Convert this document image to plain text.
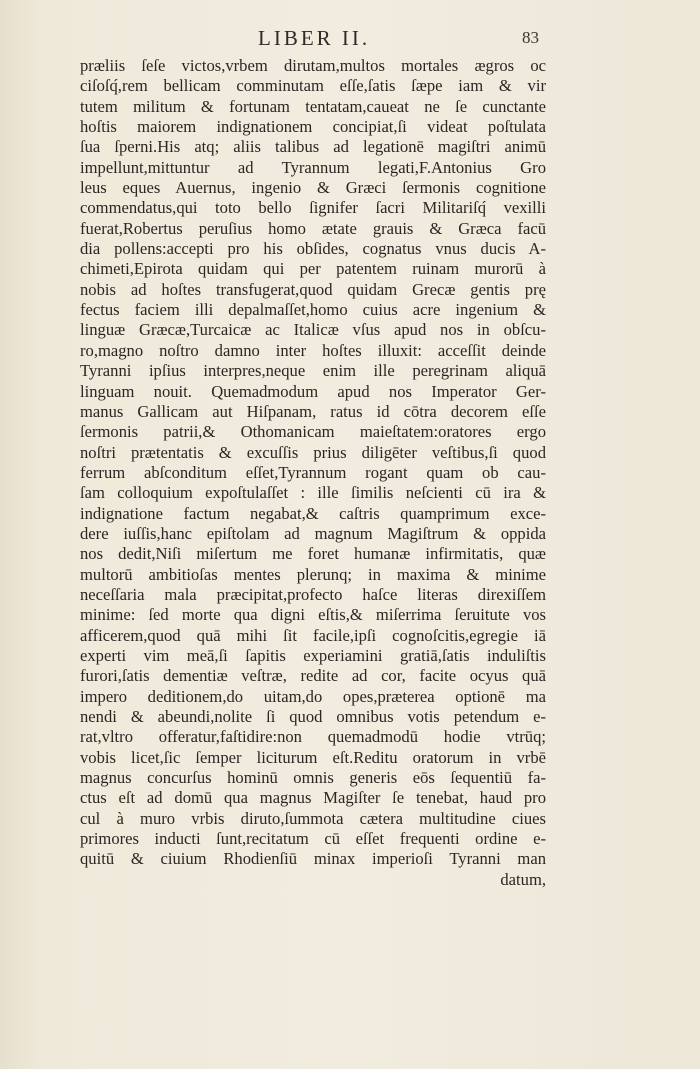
LIBER II.	83
præliis ſeſe victos,vrbem dirutam,multos mortales ægros oc
ciſoſq́,rem bellicam comminutam eſſe,ſatis ſæpe iam & vir
tutem militum & fortunam tentatam,caueat ne ſe cunctante
hoſtis maiorem indignationem concipiat,ſi videat poſtulata
ſua ſperni.His atq; aliis talibus ad legationē magiſtri animū
impellunt,mittuntur ad Tyrannum legati,F.Antonius Gro
leus eques Auernus, ingenio & Græci ſermonis cognitione
commendatus,qui toto bello ſignifer ſacri Militariſq́ vexilli
fuerat,Robertus peruſius homo ætate grauis & Græca facū
dia pollens:accepti pro his obſides, cognatus vnus ducis A-
chimeti,Epirota quidam qui per patentem ruinam murorū à
nobis ad hoſtes transfugerat,quod quidam Grecæ gentis prę
fectus faciem illi depalmaſſet,homo cuius acre ingenium &
linguæ Græcæ,Turcaicæ ac Italicæ vſus apud nos in obſcu-
ro,magno noſtro damno inter hoſtes illuxit: acceſſit deinde
Tyranni ipſius interpres,neque enim ille peregrinam aliquā
linguam nouit. Quemadmodum apud nos Imperator Ger-
manus Gallicam aut Hiſpanam, ratus id cōtra decorem eſſe
ſermonis patrii,& Othomanicam maieſtatem:oratores ergo
noſtri prætentatis & excuſſis prius diligēter veſtibus,ſi quod
ferrum abſconditum eſſet,Tyrannum rogant quam ob cau-
ſam colloquium expoſtulaſſet : ille ſimilis neſcienti cū ira &
indignatione factum negabat,& caſtris quamprimum exce-
dere iuſſis,hanc epiſtolam ad magnum Magiſtrum & oppida
nos dedit,Niſi miſertum me foret humanæ infirmitatis, quæ
multorū ambitioſas mentes plerunq; in maxima & minime
neceſſaria mala præcipitat,profecto haſce literas direxiſſem
minime: ſed morte qua digni eſtis,& miſerrima ſeruitute vos
afficerem,quod quā mihi ſit facile,ipſi cognoſcitis,egregie iā
experti vim meā,ſi ſapitis experiamini gratiā,ſatis induliſtis
furori,ſatis dementiæ veſtræ, redite ad cor, facite ocyus quā
impero deditionem,do uitam,do opes,præterea optionē ma
nendi & abeundi,nolite ſi quod omnibus votis petendum e-
rat,vltro offeratur,faſtidire:non quemadmodū hodie vtrūq;
vobis licet,ſic ſemper liciturum eſt.Reditu oratorum in vrbē
magnus concurſus hominū omnis generis eōs ſequentiū fa-
ctus eſt ad domū qua magnus Magiſter ſe tenebat, haud pro
cul à muro vrbis diruto,ſummota cætera multitudine ciues
primores inducti ſunt,recitatum cū eſſet frequenti ordine e-
quitū & ciuium Rhodienſiū minax imperioſi Tyranni man
datum,
